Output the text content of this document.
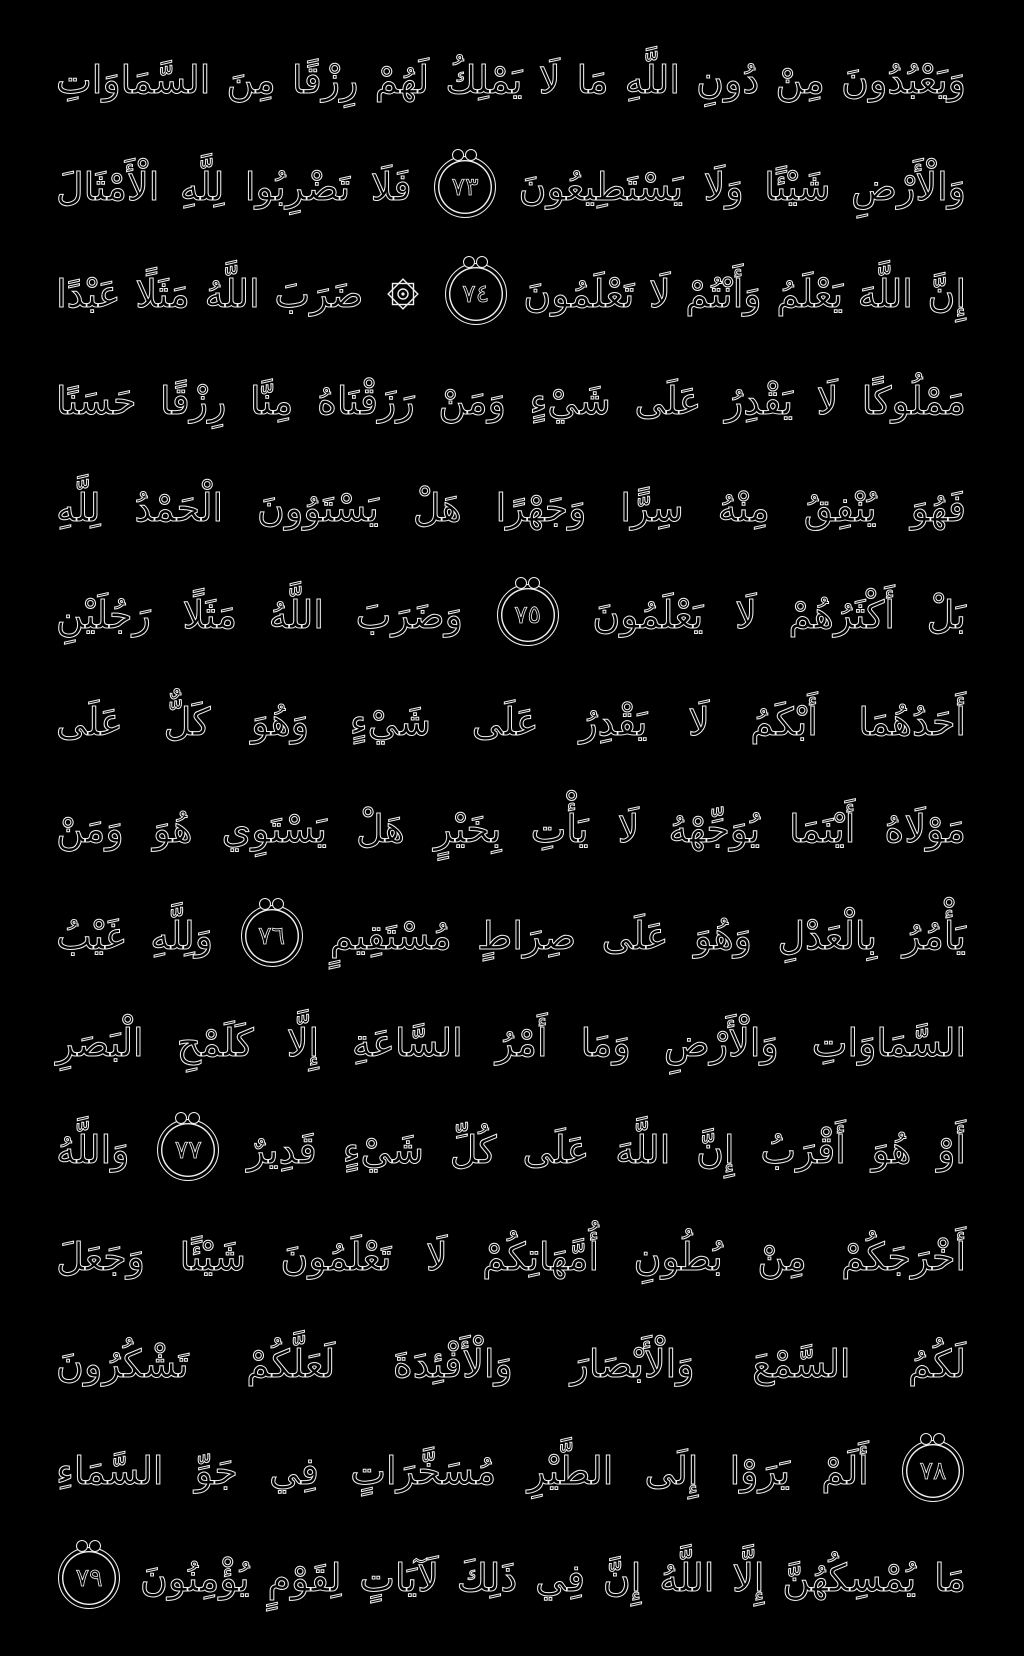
وَيَعْبُدُونَ
مِنْ
دُونِ
اللَّهِ
مَا
لَا
يَمْلِكُ
لَهُمْ
رِزْقًا
مِنَ
السَّمَاوَاتِ
وَالْأَرْضِ
شَيْئًا
وَلَا
يَسْتَطِيعُونَ
٧٣
فَلَا
تَضْرِبُوا
لِلَّهِ
الْأَمْثَالَ
إِنَّ
اللَّهَ
يَعْلَمُ
وَأَنْتُمْ
لَا
تَعْلَمُونَ
٧٤
ضَرَبَ
اللَّهُ
مَثَلًا
عَبْدًا
مَمْلُوكًا
لَا
يَقْدِرُ
عَلَى
شَيْءٍ
وَمَنْ
رَزَقْنَاهُ
مِنَّا
رِزْقًا
حَسَنًا
فَهُوَ
يُنْفِقُ
مِنْهُ
سِرًّا
وَجَهْرًا
هَلْ
يَسْتَوُونَ
الْحَمْدُ
لِلَّهِ
بَلْ
أَكْثَرُهُمْ
لَا
يَعْلَمُونَ
٧٥
وَضَرَبَ
اللَّهُ
مَثَلًا
رَجُلَيْنِ
أَحَدُهُمَا
أَبْكَمُ
لَا
يَقْدِرُ
عَلَى
شَيْءٍ
وَهُوَ
كَلٌّ
عَلَى
مَوْلَاهُ
أَيْنَمَا
يُوَجِّهْهُ
لَا
يَأْتِ
بِخَيْرٍ
هَلْ
يَسْتَوِي
هُوَ
وَمَنْ
يَأْمُرُ
بِالْعَدْلِ
وَهُوَ
عَلَى
صِرَاطٍ
مُسْتَقِيمٍ
٧٦
وَلِلَّهِ
غَيْبُ
السَّمَاوَاتِ
وَالْأَرْضِ
وَمَا
أَمْرُ
السَّاعَةِ
إِلَّا
كَلَمْحِ
الْبَصَرِ
أَوْ
هُوَ
أَقْرَبُ
إِنَّ
اللَّهَ
عَلَى
كُلِّ
شَيْءٍ
قَدِيرٌ
٧٧
وَاللَّهُ
أَخْرَجَكُمْ
مِنْ
بُطُونِ
أُمَّهَاتِكُمْ
لَا
تَعْلَمُونَ
شَيْئًا
وَجَعَلَ
لَكُمُ
السَّمْعَ
وَالْأَبْصَارَ
وَالْأَفْئِدَةَ
لَعَلَّكُمْ
تَشْكُرُونَ
٧٨
أَلَمْ
يَرَوْا
إِلَى
الطَّيْرِ
مُسَخَّرَاتٍ
فِي
جَوِّ
السَّمَاءِ
مَا
يُمْسِكُهُنَّ
إِلَّا
اللَّهُ
إِنَّ
فِي
ذَلِكَ
لَآيَاتٍ
لِقَوْمٍ
يُؤْمِنُونَ
٧٩
